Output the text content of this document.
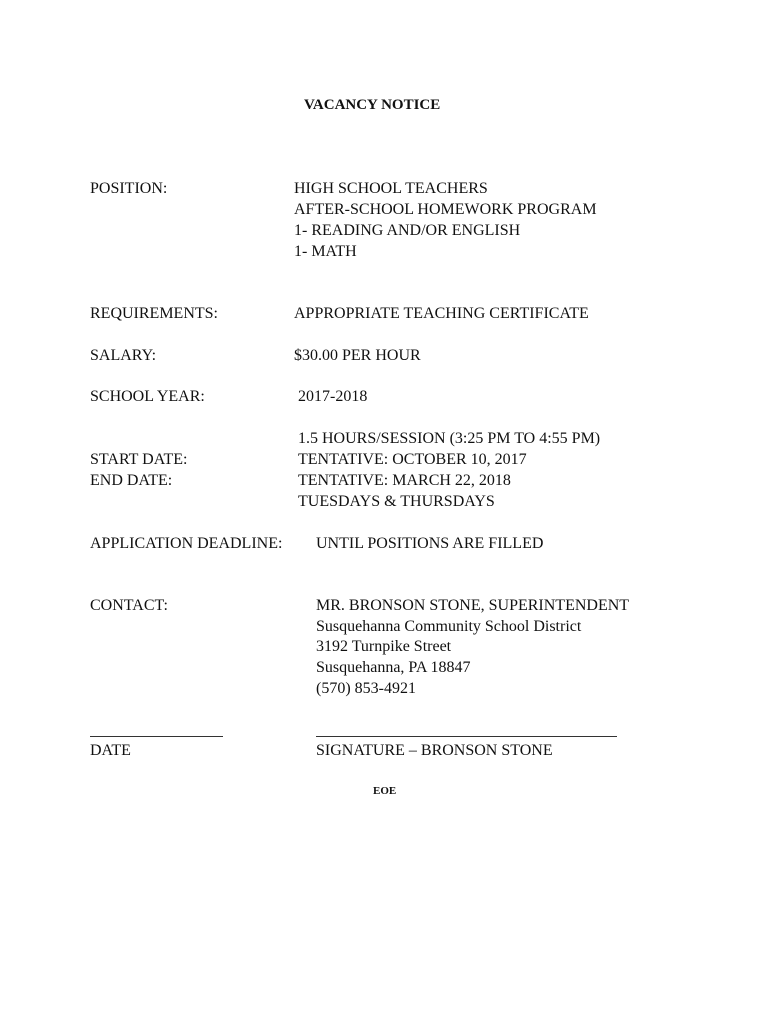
VACANCY NOTICE
POSITION:	HIGH SCHOOL TEACHERS
AFTER-SCHOOL HOMEWORK PROGRAM
1- READING AND/OR ENGLISH
1- MATH
REQUIREMENTS:	APPROPRIATE TEACHING CERTIFICATE
SALARY:	$30.00 PER HOUR
SCHOOL YEAR:	2017-2018
1.5 HOURS/SESSION (3:25 PM TO 4:55 PM)
START DATE:	TENTATIVE: OCTOBER 10, 2017
END DATE:	TENTATIVE: MARCH 22, 2018
TUESDAYS & THURSDAYS
APPLICATION DEADLINE: UNTIL POSITIONS ARE FILLED
CONTACT:	MR. BRONSON STONE, SUPERINTENDENT
Susquehanna Community School District
3192 Turnpike Street
Susquehanna, PA 18847
(570) 853-4921
DATE	SIGNATURE – BRONSON STONE
EOE
